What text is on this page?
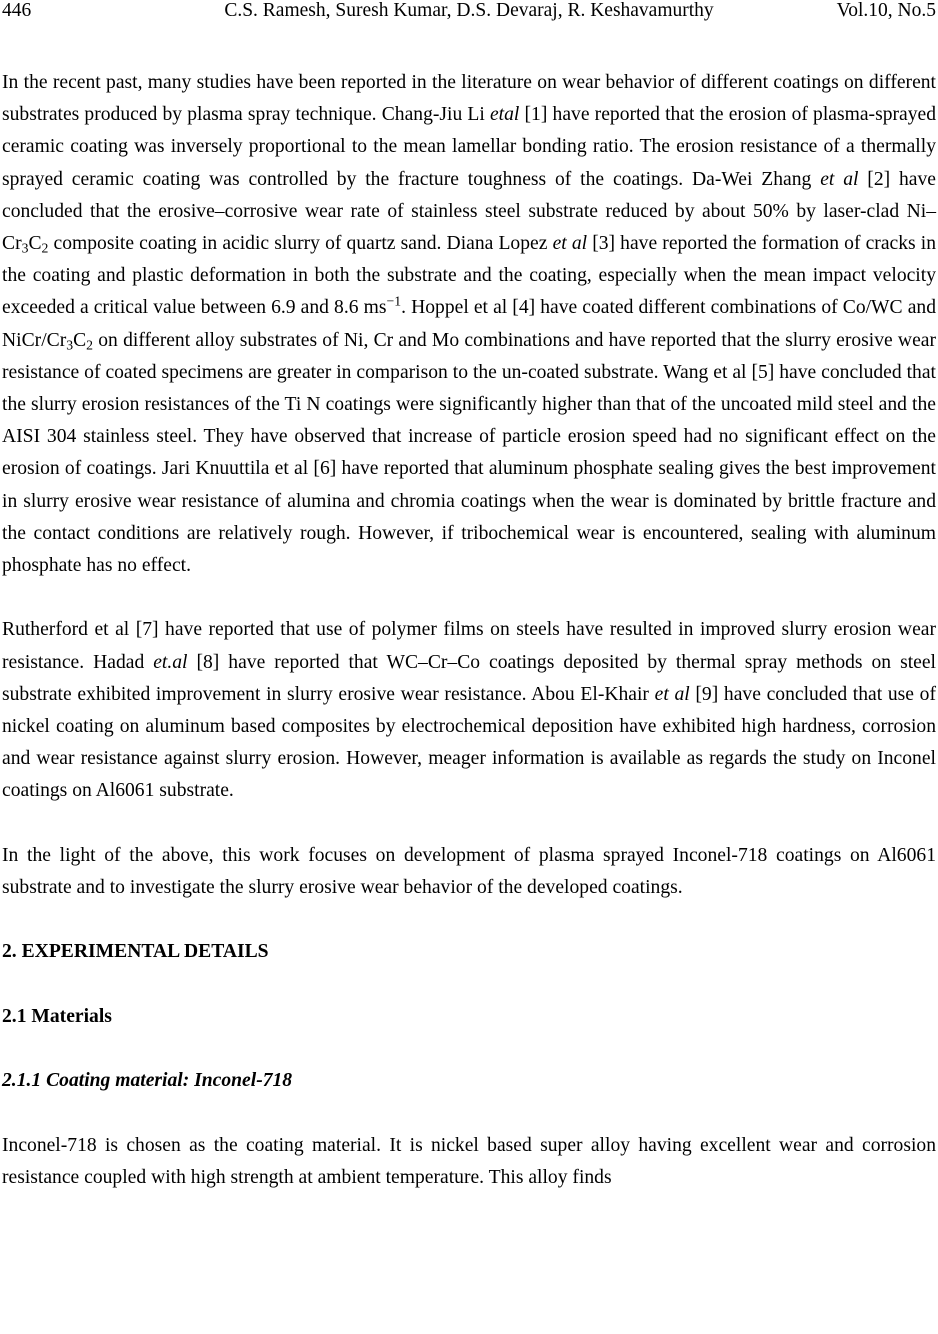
446	C.S. Ramesh, Suresh Kumar, D.S. Devaraj, R. Keshavamurthy	Vol.10, No.5

In the recent past, many studies have been reported in the literature on wear behavior of different coatings on different substrates produced by plasma spray technique. Chang-Jiu Li etal [1] have reported that the erosion of plasma-sprayed ceramic coating was inversely proportional to the mean lamellar bonding ratio. The erosion resistance of a thermally sprayed ceramic coating was controlled by the fracture toughness of the coatings. Da-Wei Zhang et al [2] have concluded that the erosive–corrosive wear rate of stainless steel substrate reduced by about 50% by laser-clad $Ni-Cr_3C_2$ composite coating in acidic slurry of quartz sand. Diana Lopez et al [3] have reported the formation of cracks in the coating and plastic deformation in both the substrate and the coating, especially when the mean impact velocity exceeded a critical value between 6.9 and 8.6 $ms^{-1}$. Hoppel et al [4] have coated different combinations of Co/WC and NiCr/$Cr_3C_2$ on different alloy substrates of Ni, Cr and Mo combinations and have reported that the slurry erosive wear resistance of coated specimens are greater in comparison to the un-coated substrate. Wang et al [5] have concluded that the slurry erosion resistances of the Ti N coatings were significantly higher than that of the uncoated mild steel and the AISI 304 stainless steel. They have observed that increase of particle erosion speed had no significant effect on the erosion of coatings. Jari Knuuttila et al [6] have reported that aluminum phosphate sealing gives the best improvement in slurry erosive wear resistance of alumina and chromia coatings when the wear is dominated by brittle fracture and the contact conditions are relatively rough. However, if tribochemical wear is encountered, sealing with aluminum phosphate has no effect.

Rutherford et al [7] have reported that use of polymer films on steels have resulted in improved slurry erosion wear resistance. Hadad et.al [8] have reported that WC–Cr–Co coatings deposited by thermal spray methods on steel substrate exhibited improvement in slurry erosive wear resistance. Abou El-Khair et al [9] have concluded that use of nickel coating on aluminum based composites by electrochemical deposition have exhibited high hardness, corrosion and wear resistance against slurry erosion. However, meager information is available as regards the study on Inconel coatings on Al6061 substrate.

In the light of the above, this work focuses on development of plasma sprayed Inconel-718 coatings on Al6061 substrate and to investigate the slurry erosive wear behavior of the developed coatings.

2. EXPERIMENTAL DETAILS

2.1 Materials

2.1.1 Coating material: Inconel-718

Inconel-718 is chosen as the coating material. It is nickel based super alloy having excellent wear and corrosion resistance coupled with high strength at ambient temperature. This alloy finds
